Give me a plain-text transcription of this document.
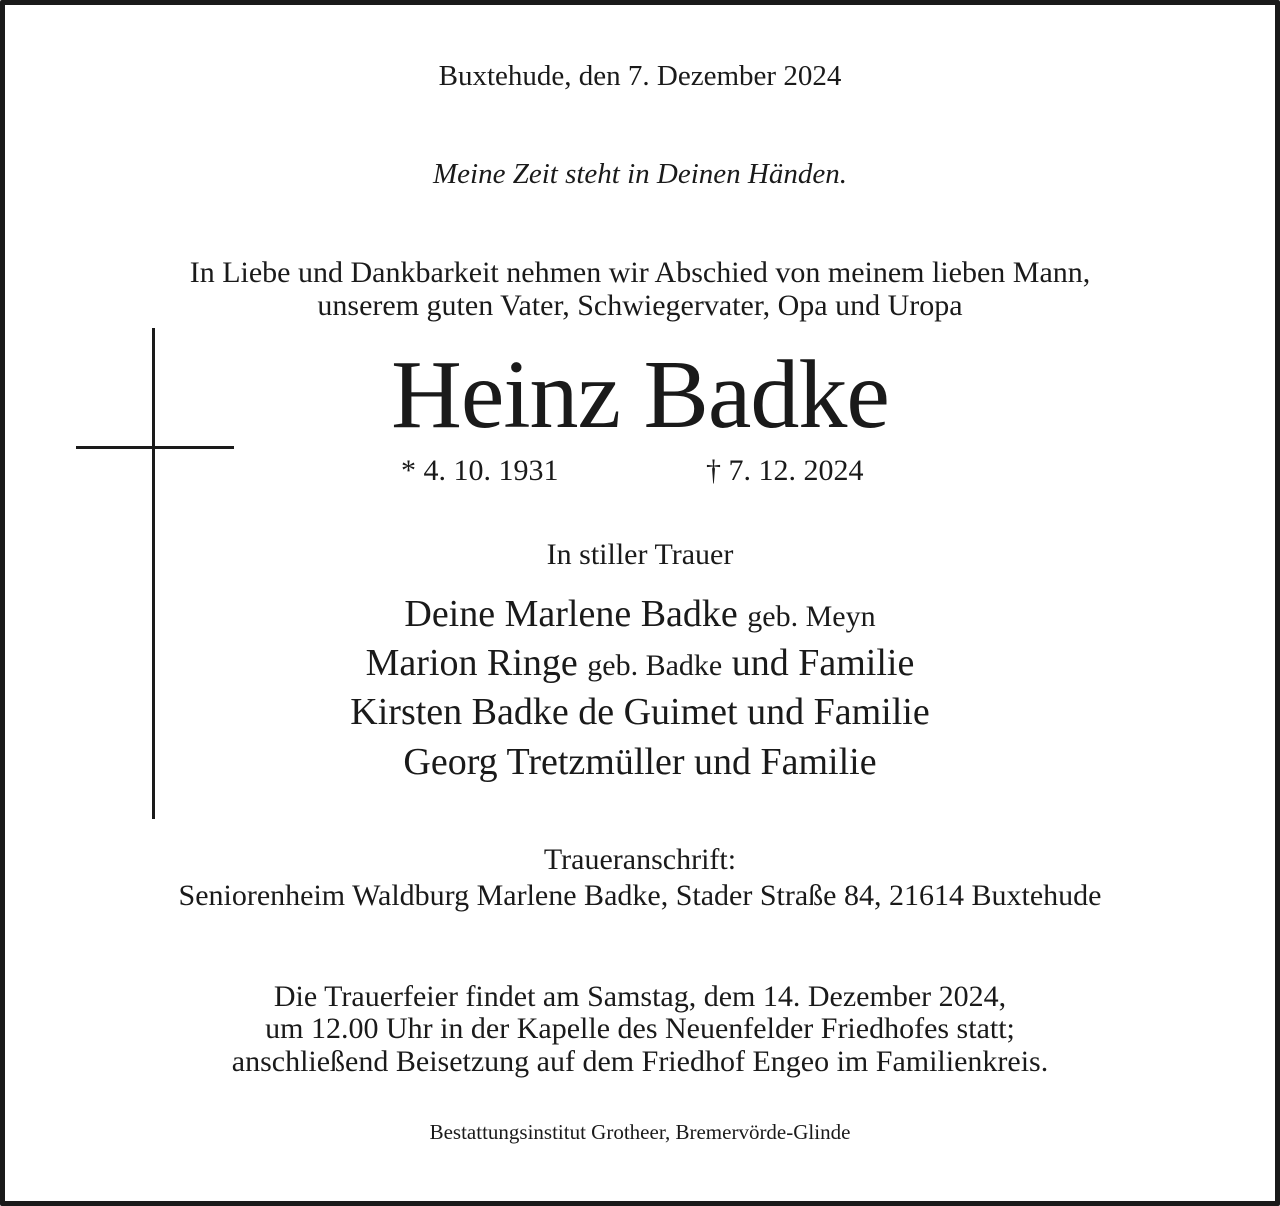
Buxtehude, den 7. Dezember 2024
Meine Zeit steht in Deinen Händen.
In Liebe und Dankbarkeit nehmen wir Abschied von meinem lieben Mann,
unserem guten Vater, Schwiegervater, Opa und Uropa
Heinz Badke
* 4. 10. 1931	† 7. 12. 2024
In stiller Trauer
Deine Marlene Badke geb. Meyn
Marion Ringe geb. Badke und Familie
Kirsten Badke de Guimet und Familie
Georg Tretzmüller und Familie
Traueranschrift:
Seniorenheim Waldburg Marlene Badke, Stader Straße 84, 21614 Buxtehude
Die Trauerfeier findet am Samstag, dem 14. Dezember 2024,
um 12.00 Uhr in der Kapelle des Neuenfelder Friedhofes statt;
anschließend Beisetzung auf dem Friedhof Engeo im Familienkreis.
Bestattungsinstitut Grotheer, Bremervörde-Glinde
